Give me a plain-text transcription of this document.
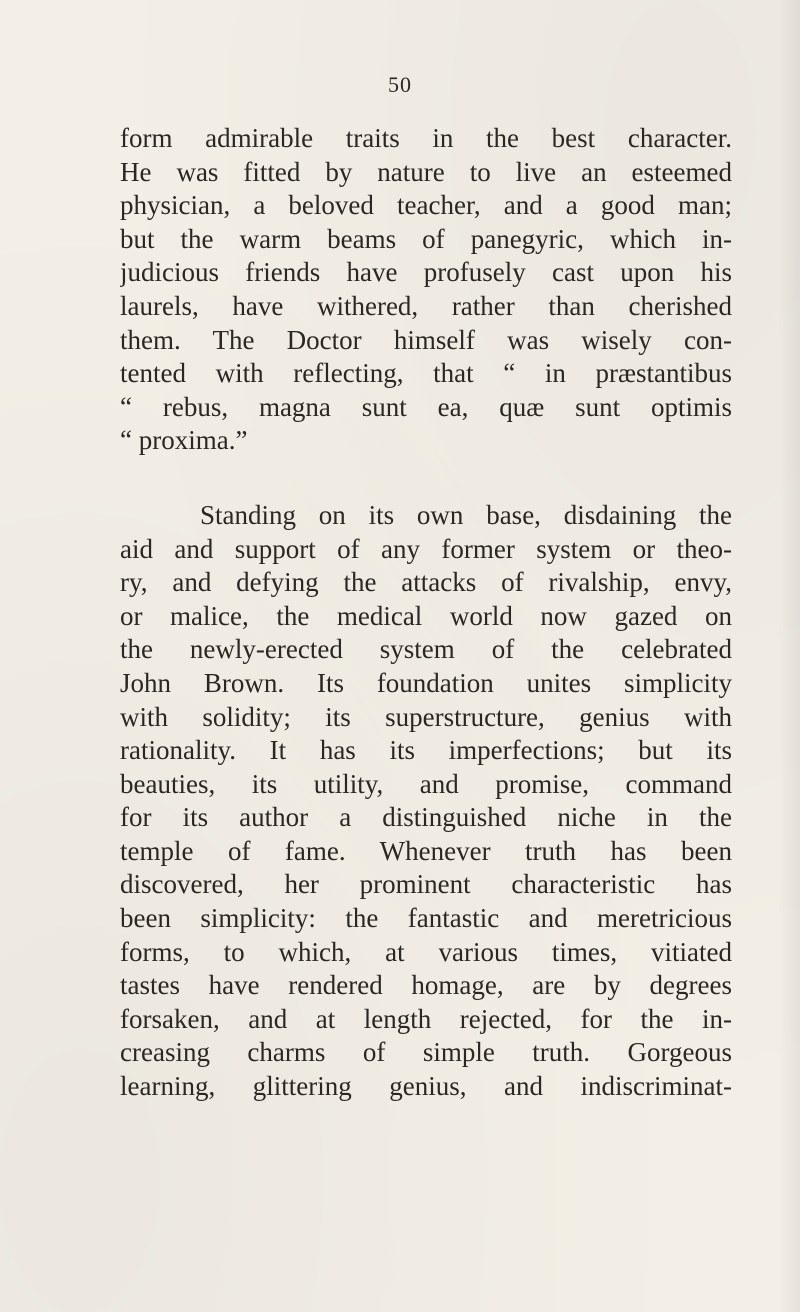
50
form admirable traits in the best character.
He was fitted by nature to live an esteemed
physician, a beloved teacher, and a good man;
but the warm beams of panegyric, which in-
judicious friends have profusely cast upon his
laurels, have withered, rather than cherished
them. The Doctor himself was wisely con-
tented with reflecting, that “ in præstantibus
“ rebus, magna sunt ea, quæ sunt optimis
“ proxima.”
Standing on its own base, disdaining the
aid and support of any former system or theo-
ry, and defying the attacks of rivalship, envy,
or malice, the medical world now gazed on
the newly-erected system of the celebrated
John Brown. Its foundation unites simplicity
with solidity; its superstructure, genius with
rationality. It has its imperfections; but its
beauties, its utility, and promise, command
for its author a distinguished niche in the
temple of fame. Whenever truth has been
discovered, her prominent characteristic has
been simplicity: the fantastic and meretricious
forms, to which, at various times, vitiated
tastes have rendered homage, are by degrees
forsaken, and at length rejected, for the in-
creasing charms of simple truth. Gorgeous
learning, glittering genius, and indiscriminat-
